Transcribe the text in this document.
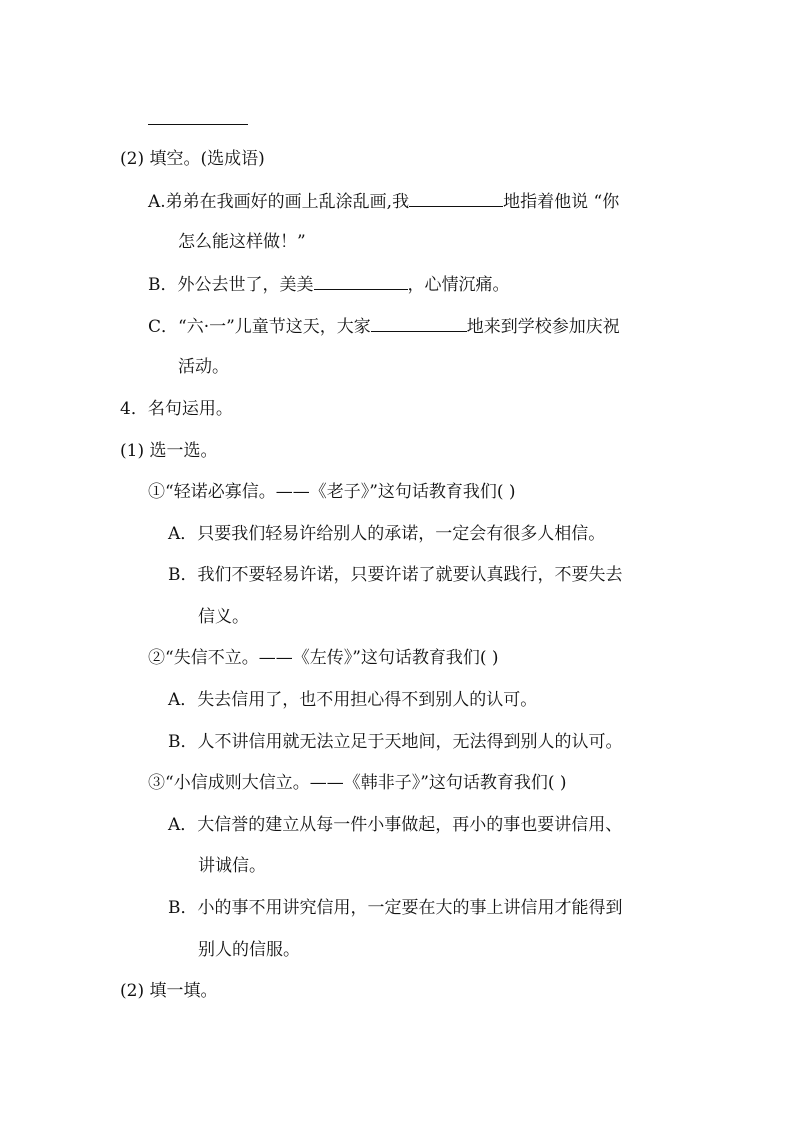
(2) 填空。(选成语)
A.弟弟在我画好的画上乱涂乱画,我	地指着他说 “你
怎么能这样做！”
B．外公去世了，美美	，心情沉痛。
C．“六·一”儿童节这天，大家	地来到学校参加庆祝
活动。
4．名句运用。
(1) 选一选。
①“轻诺必寡信。——《老子》”这句话教育我们( )
A．只要我们轻易许给别人的承诺，一定会有很多人相信。
B．我们不要轻易许诺，只要许诺了就要认真践行，不要失去
信义。
②“失信不立。——《左传》”这句话教育我们( )
A．失去信用了，也不用担心得不到别人的认可。
B．人不讲信用就无法立足于天地间，无法得到别人的认可。
③“小信成则大信立。——《韩非子》”这句话教育我们( )
A．大信誉的建立从每一件小事做起，再小的事也要讲信用、
讲诚信。
B．小的事不用讲究信用，一定要在大的事上讲信用才能得到
别人的信服。
(2) 填一填。
